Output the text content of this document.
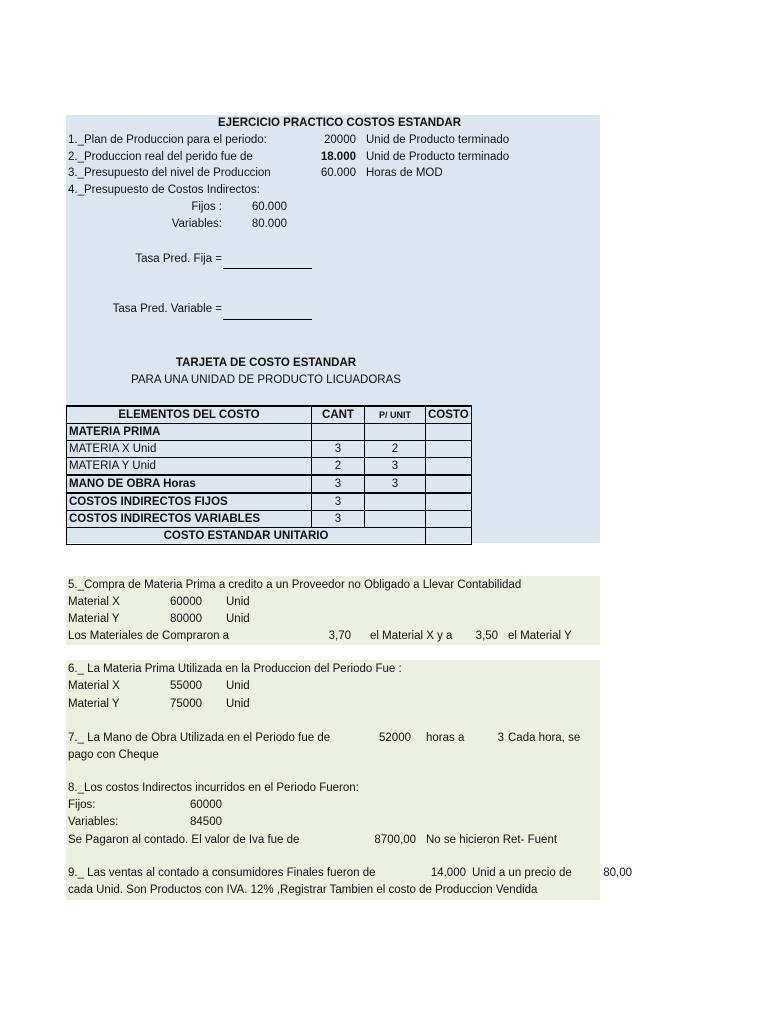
EJERCICIO PRACTICO COSTOS ESTANDAR
1._Plan de Produccion para el periodo:	20000 Unid de Producto terminado
2._Produccion real del perido fue de	18.000 Unid de Producto terminado
3._Presupuesto del nivel de Produccion	60.000 Horas de MOD
4._Presupuesto de Costos Indirectos:
Fijos :	60.000
Variables:	80.000
Tasa Pred. Fija =
Tasa Pred. Variable =
TARJETA DE COSTO ESTANDAR
PARA UNA UNIDAD DE PRODUCTO LICUADORAS
ELEMENTOS DEL COSTO	CANT	P/ UNIT	COSTO
MATERIA PRIMA			
MATERIA X Unid	3	2	
MATERIA Y Unid	2	3	
MANO DE OBRA Horas	3	3	
COSTOS INDIRECTOS FIJOS	3		
COSTOS INDIRECTOS VARIABLES	3		
COSTO ESTANDAR UNITARIO			
5._Compra de Materia Prima a credito a un Proveedor no Obligado a Llevar Contabilidad
Material X	60000 Unid
Material Y	80000 Unid
Los Materiales de Compraron a	3,70 el Material X y a	3,50 el Material Y
6._ La Materia Prima Utilizada en la Produccion del Periodo Fue :
Material X	55000 Unid
Material Y	75000 Unid
7._ La Mano de Obra Utilizada en el Periodo fue de	52000 horas a	3 Cada hora, se
pago con Cheque
8._Los costos Indirectos incurridos en el Periodo Fueron:
Fijos:	60000
Variables:	84500
Se Pagaron al contado. El valor de Iva fue de	8700,00 No se hicieron Ret- Fuent
9._ Las ventas al contado a consumidores Finales fueron de	14.000 Unid a un precio de	80,00
cada Unid. Son Productos con IVA. 12% ,Registrar Tambien el costo de Produccion Vendida
